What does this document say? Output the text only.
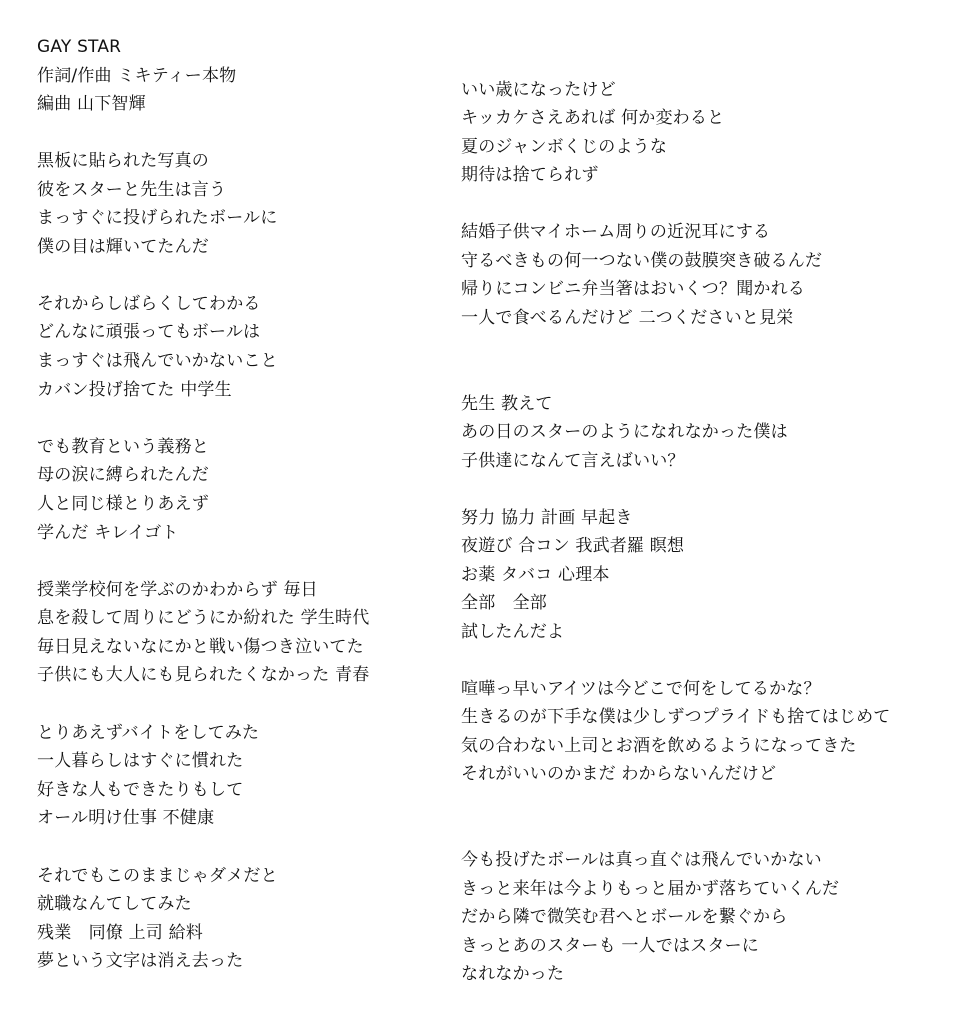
GAY STAR
作詞/作曲 ミキティー本物
編曲 山下智輝
黒板に貼られた写真の
彼をスターと先生は言う
まっすぐに投げられたボールに
僕の目は輝いてたんだ
それからしばらくしてわかる
どんなに頑張ってもボールは
まっすぐは飛んでいかないこと
カバン投げ捨てた 中学生
でも教育という義務と
母の涙に縛られたんだ
人と同じ様とりあえず
学んだ キレイゴト
授業学校何を学ぶのかわからず 毎日
息を殺して周りにどうにか紛れた 学生時代
毎日見えないなにかと戦い傷つき泣いてた
子供にも大人にも見られたくなかった 青春
とりあえずバイトをしてみた
一人暮らしはすぐに慣れた
好きな人もできたりもして
オール明け仕事 不健康
それでもこのままじゃダメだと
就職なんてしてみた
残業　同僚 上司 給料
夢という文字は消え去った
いい歳になったけど
キッカケさえあれば 何か変わると
夏のジャンボくじのような
期待は捨てられず
結婚子供マイホーム周りの近況耳にする
守るべきもの何一つない僕の鼓膜突き破るんだ
帰りにコンビニ弁当箸はおいくつ？聞かれる
一人で食べるんだけど 二つくださいと見栄
先生 教えて
あの日のスターのようになれなかった僕は
子供達になんて言えばいい？
努力 協力 計画 早起き
夜遊び 合コン 我武者羅 瞑想
お薬 タバコ 心理本
全部　全部
試したんだよ
喧嘩っ早いアイツは今どこで何をしてるかな？
生きるのが下手な僕は少しずつプライドも捨てはじめて
気の合わない上司とお酒を飲めるようになってきた
それがいいのかまだ わからないんだけど
今も投げたボールは真っ直ぐは飛んでいかない
きっと来年は今よりもっと届かず落ちていくんだ
だから隣で微笑む君へとボールを繋ぐから
きっとあのスターも 一人ではスターに
なれなかった
